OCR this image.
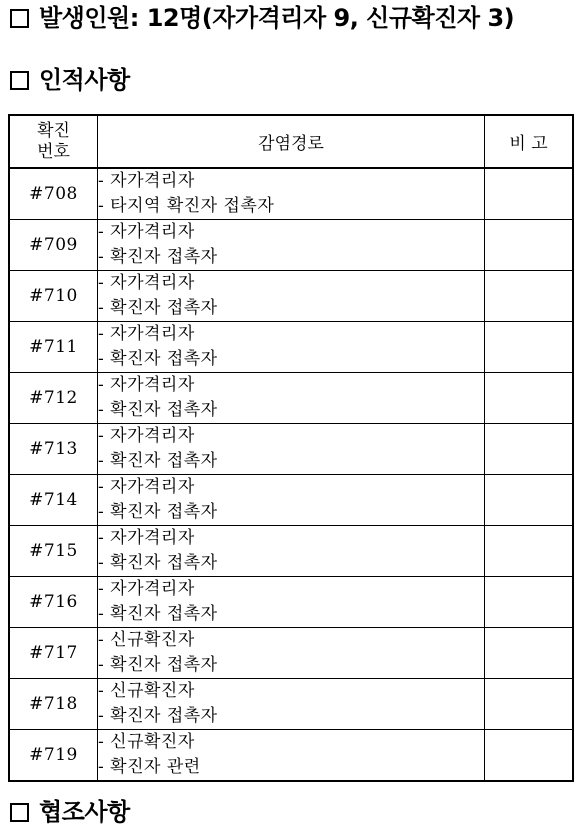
발생인원: 12명(자가격리자 9, 신규확진자 3)
인적사항
확진
번호	감염경로	비 고
#708	- 자가격리자
- 타지역 확진자 접촉자	

#709	- 자가격리자
- 확진자 접촉자	

#710	- 자가격리자
- 확진자 접촉자	

#711	- 자가격리자
- 확진자 접촉자	

#712	- 자가격리자
- 확진자 접촉자	

#713	- 자가격리자
- 확진자 접촉자	

#714	- 자가격리자
- 확진자 접촉자	

#715	- 자가격리자
- 확진자 접촉자	

#716	- 자가격리자
- 확진자 접촉자	

#717	- 신규확진자
- 확진자 접촉자	

#718	- 신규확진자
- 확진자 접촉자	

#719	- 신규확진자
- 확진자 관련	

협조사항
